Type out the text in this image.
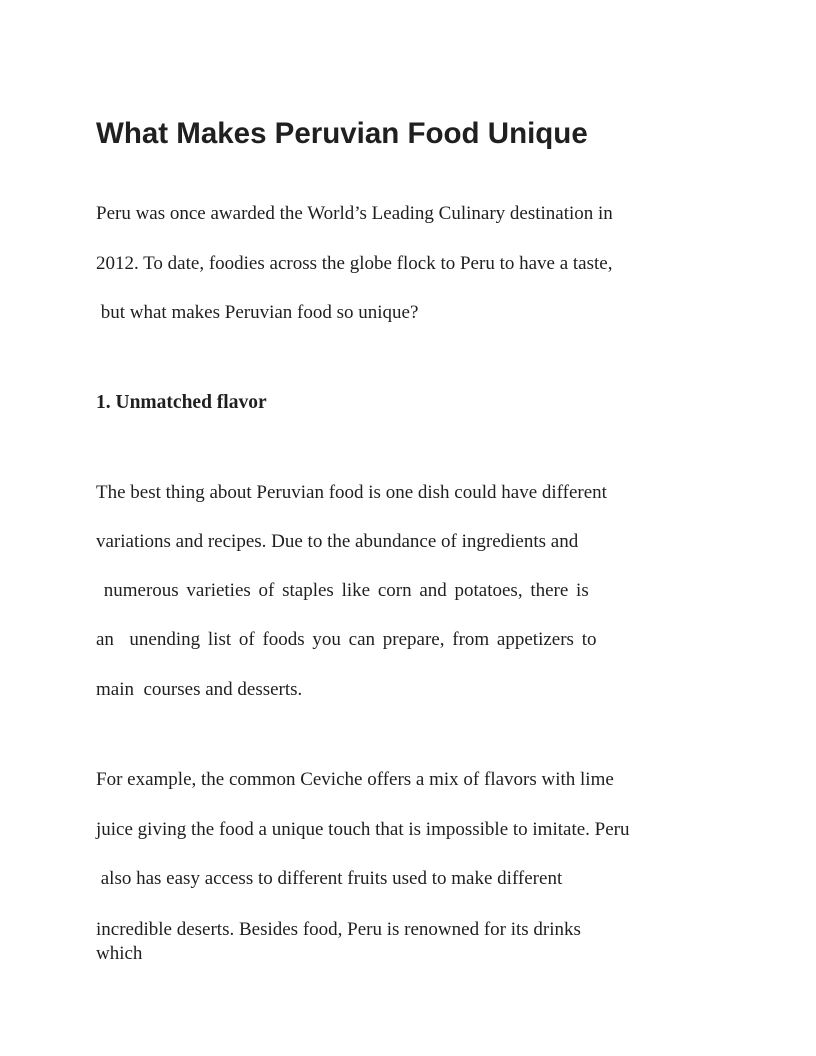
What Makes Peruvian Food Unique

Peru was once awarded the World’s Leading Culinary destination in

2012. To date, foodies across the globe flock to Peru to have a taste,

but what makes Peruvian food so unique?

1. Unmatched flavor

The best thing about Peruvian food is one dish could have different

variations and recipes. Due to the abundance of ingredients and

numerous varieties of staples like corn and potatoes, there is

an  unending list of foods you can prepare, from appetizers to

main  courses and desserts.

For example, the common Ceviche offers a mix of flavors with lime

juice giving the food a unique touch that is impossible to imitate. Peru

also has easy access to different fruits used to make different

incredible deserts. Besides food, Peru is renowned for its drinks

which
